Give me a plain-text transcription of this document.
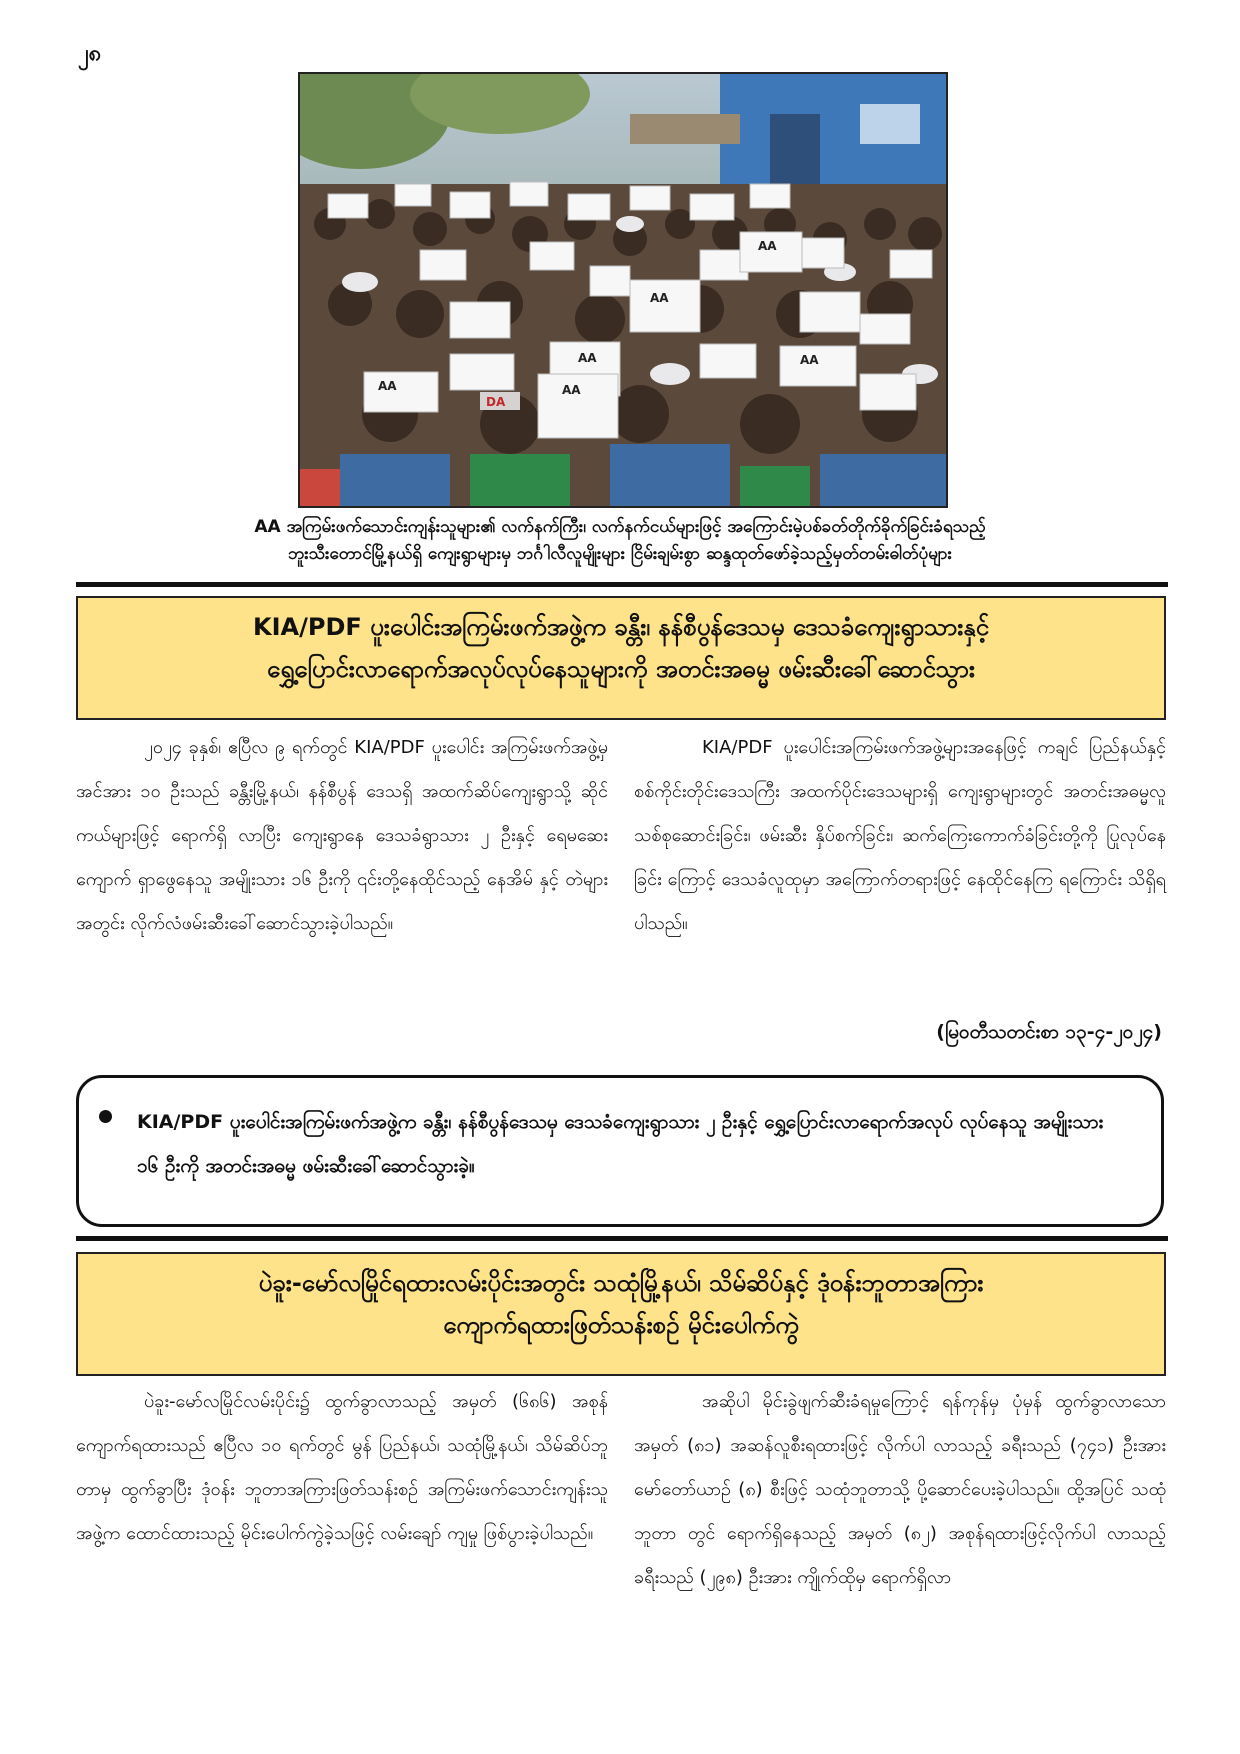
၂၈
AA
AA	AA
AA
AA
AA
DA
AA အကြမ်းဖက်သောင်းကျန်းသူများ၏ လက်နက်ကြီး၊ လက်နက်ငယ်များဖြင့် အကြောင်းမဲ့ပစ်ခတ်တိုက်ခိုက်ခြင်းခံရသည့်
ဘူးသီးတောင်မြို့နယ်ရှိ ကျေးရွာများမှ ဘင်္ဂါလီလူမျိုးများ ငြိမ်းချမ်းစွာ ဆန္ဒထုတ်ဖော်ခဲ့သည့်မှတ်တမ်းဓါတ်ပုံများ
KIA/PDF ပူးပေါင်းအကြမ်းဖက်အဖွဲ့က ခန္တီး၊ နန်စီပွန်ဒေသမှ ဒေသခံကျေးရွာသားနှင့်
ရွှေ့ပြောင်းလာရောက်အလုပ်လုပ်နေသူများကို အတင်းအဓမ္မ ဖမ်းဆီးခေါ်ဆောင်သွား

၂၀၂၄ ခုနှစ်၊ ဧပြီလ ၉ ရက်တွင် KIA/PDF ပူးပေါင်း အကြမ်းဖက်အဖွဲ့မှ အင်အား ၁၀ ဦးသည် ခန္တီးမြို့နယ်၊ နန်စီပွန် ဒေသရှိ အထက်ဆိပ်ကျေးရွာသို့ ဆိုင်ကယ်များဖြင့် ရောက်ရှိ လာပြီး ကျေးရွာနေ ဒေသခံရွာသား ၂ ဦးနှင့် ရေမဆေးကျောက် ရှာဖွေနေသူ အမျိုးသား ၁၆ ဦးကို ၎င်းတို့နေထိုင်သည့် နေအိမ် နှင့် တဲများအတွင်း လိုက်လံဖမ်းဆီးခေါ်ဆောင်သွားခဲ့ပါသည်။

KIA/PDF ပူးပေါင်းအကြမ်းဖက်အဖွဲ့များအနေဖြင့် ကချင် ပြည်နယ်နှင့် စစ်ကိုင်းတိုင်းဒေသကြီး အထက်ပိုင်းဒေသများရှိ ကျေးရွာများတွင် အတင်းအဓမ္မလူသစ်စုဆောင်းခြင်း၊ ဖမ်းဆီး နှိပ်စက်ခြင်း၊ ဆက်ကြေးကောက်ခံခြင်းတို့ကို ပြုလုပ်နေခြင်း ကြောင့် ဒေသခံလူထုမှာ အကြောက်တရားဖြင့် နေထိုင်နေကြ ရကြောင်း သိရှိရပါသည်။

(မြဝတီသတင်းစာ ၁၃-၄-၂၀၂၄)
KIA/PDF ပူးပေါင်းအကြမ်းဖက်အဖွဲ့က ခန္တီး၊ နန်စီပွန်ဒေသမှ ဒေသခံကျေးရွာသား ၂ ဦးနှင့် ရွှေ့ပြောင်းလာရောက်အလုပ် လုပ်နေသူ အမျိုးသား ၁၆ ဦးကို အတင်းအဓမ္မ ဖမ်းဆီးခေါ်ဆောင်သွားခဲ့။
ပဲခူး-မော်လမြိုင်ရထားလမ်းပိုင်းအတွင်း သထုံမြို့နယ်၊ သိမ်ဆိပ်နှင့် ဒုံဝန်းဘူတာအကြား
ကျောက်ရထားဖြတ်သန်းစဉ် မိုင်းပေါက်ကွဲ

ပဲခူး-မော်လမြိုင်လမ်းပိုင်း၌ ထွက်ခွာလာသည့် အမှတ် (၆၈၆) အစုန်ကျောက်ရထားသည် ဧပြီလ ၁၀ ရက်တွင် မွန် ပြည်နယ်၊ သထုံမြို့နယ်၊ သိမ်ဆိပ်ဘူတာမှ ထွက်ခွာပြီး ဒုံဝန်း ဘူတာအကြားဖြတ်သန်းစဉ် အကြမ်းဖက်သောင်းကျန်းသူ အဖွဲ့က ထောင်ထားသည့် မိုင်းပေါက်ကွဲခဲ့သဖြင့် လမ်းချော် ကျမှု ဖြစ်ပွားခဲ့ပါသည်။

အဆိုပါ မိုင်းခွဲဖျက်ဆီးခံရမှုကြောင့် ရန်ကုန်မှ ပုံမှန် ထွက်ခွာလာသော အမှတ် (၈၁) အဆန်လူစီးရထားဖြင့် လိုက်ပါ လာသည့် ခရီးသည် (၇၄၁) ဦးအား မော်တော်ယာဉ် (၈) စီးဖြင့် သထုံဘူတာသို့ ပို့ဆောင်ပေးခဲ့ပါသည်။ ထို့အပြင် သထုံဘူတာ တွင် ရောက်ရှိနေသည့် အမှတ် (၈၂) အစုန်ရထားဖြင့်လိုက်ပါ လာသည့် ခရီးသည် (၂၉၈) ဦးအား ကျိုက်ထိုမှ ရောက်ရှိလာ
